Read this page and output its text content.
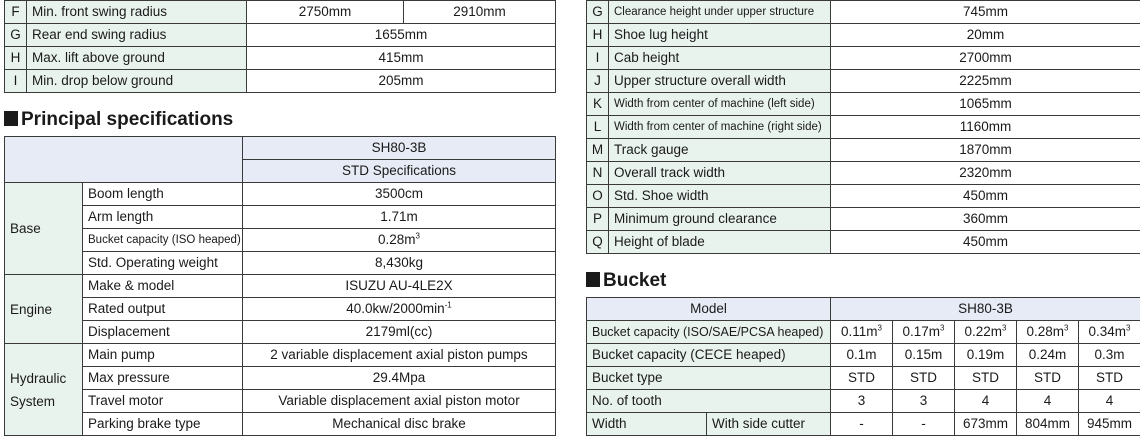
F	Min. front swing radius	2750mm	2910mm
G	Rear end swing radius	1655mm	
H	Max. lift above ground	415mm	
I	Min. drop below ground	205mm	
Principal specifications
		SH80-3B
		STD Specifications
Base	Boom length	3500cm
	Arm length	1.71m
	Bucket capacity (ISO heaped)	$0.28m^3$
	Std. Operating weight	8,430kg
Engine	Make & model	ISUZU AU-4LE2X
	Rated output	$40.0kw/2000\min^{-1}$
	Displacement	2179ml(cc)
Hydraulic
System	Main pump	2 variable displacement axial piston pumps
	Max pressure	29.4Mpa
	Travel motor	Variable displacement axial piston motor
	Parking brake type	Mechanical disc brake
G	Clearance height under upper structure	745mm
H	Shoe lug height	20mm
I	Cab height	2700mm
J	Upper structure overall width	2225mm
K	Width from center of machine (left side)	1065mm
L	Width from center of machine (right side)	1160mm
M	Track gauge	1870mm
N	Overall track width	2320mm
O	Std. Shoe width	450mm
P	Minimum ground clearance	360mm
Q	Height of blade	450mm
Bucket
Model		SH80-3B				
Bucket capacity (ISO/SAE/PCSA heaped)		$0.11m^3$	$0.17m^3$	$0.22m^3$	$0.28m^3$	$0.34m^3$
Bucket capacity (CECE heaped)		0.1m	0.15m	0.19m	0.24m	0.3m
Bucket type		STD	STD	STD	STD	STD
No. of tooth		3	3	4	4	4
Width	With side cutter	-	-	673mm	804mm	945mm
